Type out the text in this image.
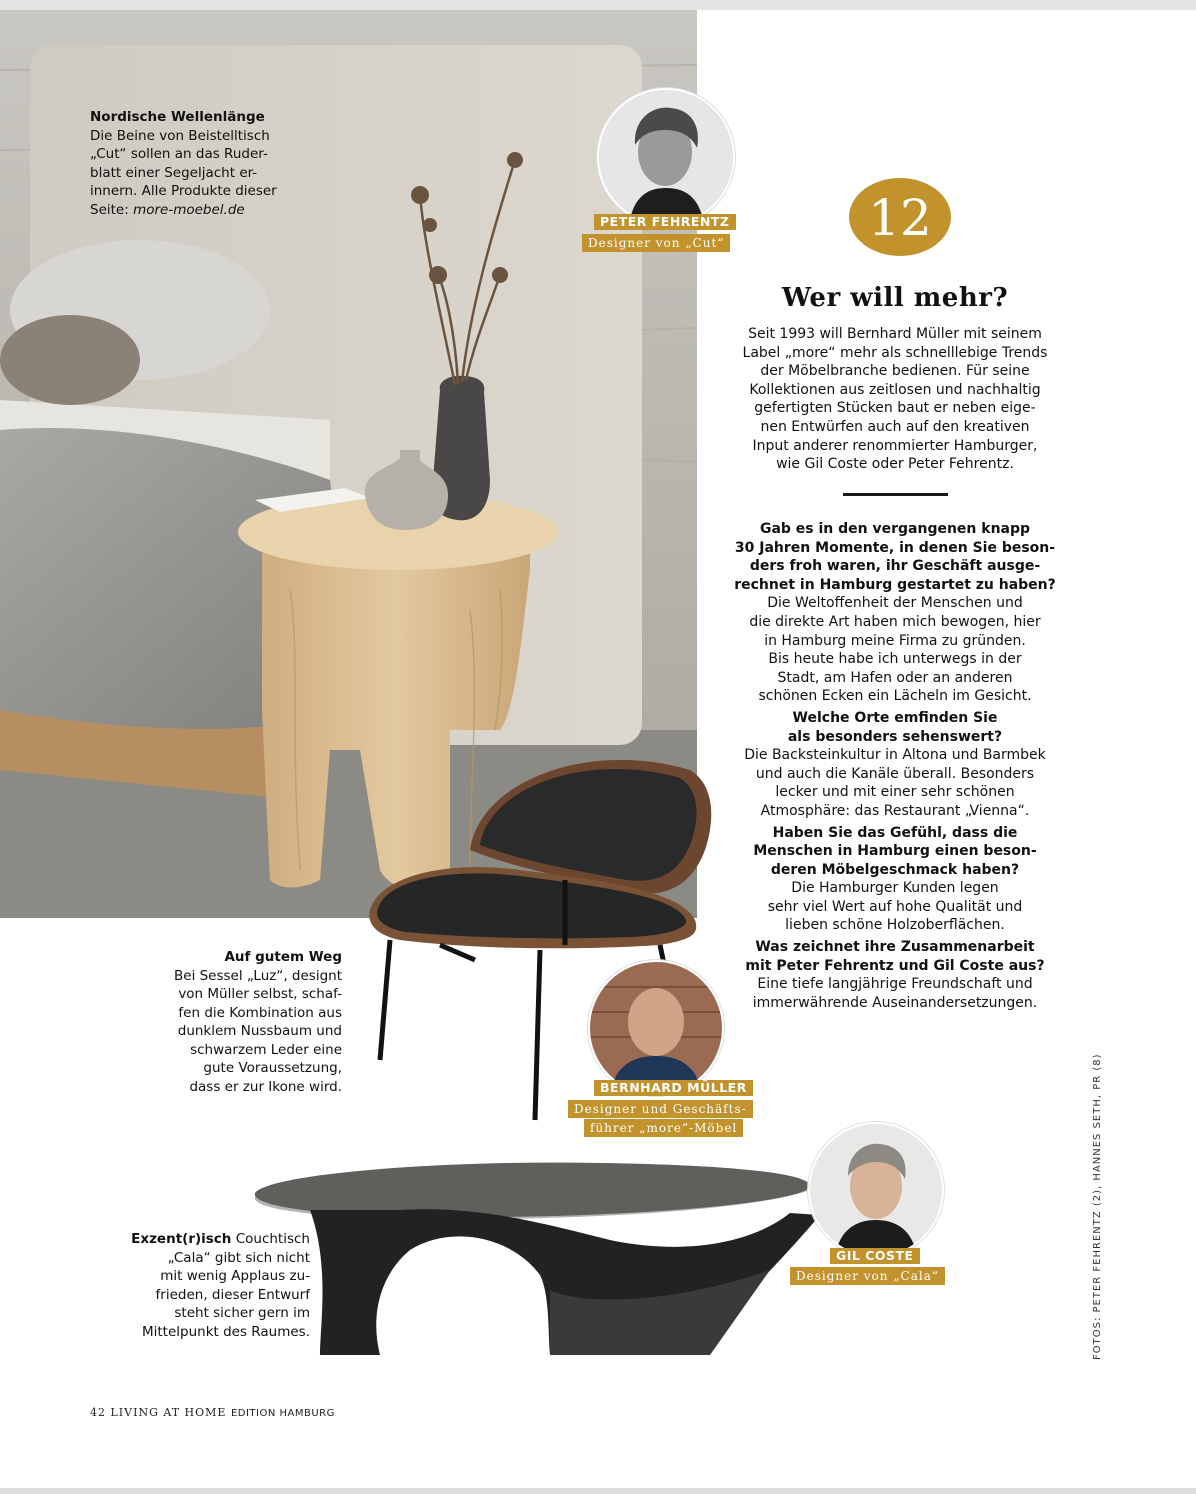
Nordische Wellenlänge
Die Beine von Beistelltisch
„Cut“ sollen an das Ruder-
blatt einer Segeljacht er-
innern. Alle Produkte dieser
Seite: more-moebel.de
PETER FEHRENTZ
Designer von „Cut“	12
Wer will mehr?
Seit 1993 will Bernhard Müller mit seinem
Label „more“ mehr als schnelllebige Trends
der Möbelbranche bedienen. Für seine
Kollektionen aus zeitlosen und nachhaltig
gefertigten Stücken baut er neben eige-
nen Entwürfen auch auf den kreativen
Input anderer renommierter Hamburger,
wie Gil Coste oder Peter Fehrentz.
Gab es in den vergangenen knapp
30 Jahren Momente, in denen Sie beson-
ders froh waren, ihr Geschäft ausge-
rechnet in Hamburg gestartet zu haben?
Die Weltoffenheit der Menschen und
die direkte Art haben mich bewogen, hier
in Hamburg meine Firma zu gründen.
Bis heute habe ich unterwegs in der
Stadt, am Hafen oder an anderen
schönen Ecken ein Lächeln im Gesicht.
Welche Orte emfinden Sie
als besonders sehenswert?
Die Backsteinkultur in Altona und Barmbek
und auch die Kanäle überall. Besonders
lecker und mit einer sehr schönen
Atmosphäre: das Restaurant „Vienna“.
Haben Sie das Gefühl, dass die
Menschen in Hamburg einen beson-
deren Möbelgeschmack haben?
Die Hamburger Kunden legen
sehr viel Wert auf hohe Qualität und
lieben schöne Holzoberflächen.
Was zeichnet ihre Zusammenarbeit
mit Peter Fehrentz und Gil Coste aus?
Eine tiefe langjährige Freundschaft und
immerwährende Auseinandersetzungen.
Auf gutem Weg
Bei Sessel „Luz“, designt
von Müller selbst, schaf-
fen die Kombination aus
dunklem Nussbaum und
schwarzem Leder eine
gute Voraussetzung,
dass er zur Ikone wird.	BERNHARD MÜLLER
Designer und Geschäfts-
führer „more“-Möbel
Exzent(r)isch Couchtisch
„Cala“ gibt sich nicht
mit wenig Applaus zu-
frieden, dieser Entwurf
steht sicher gern im
Mittelpunkt des Raumes.
GIL COSTE
Designer von „Cala“	FOTOS: PETER FEHRENTZ (2), HANNES SETH, PR (8)
42 LIVING AT HOME EDITION HAMBURG
